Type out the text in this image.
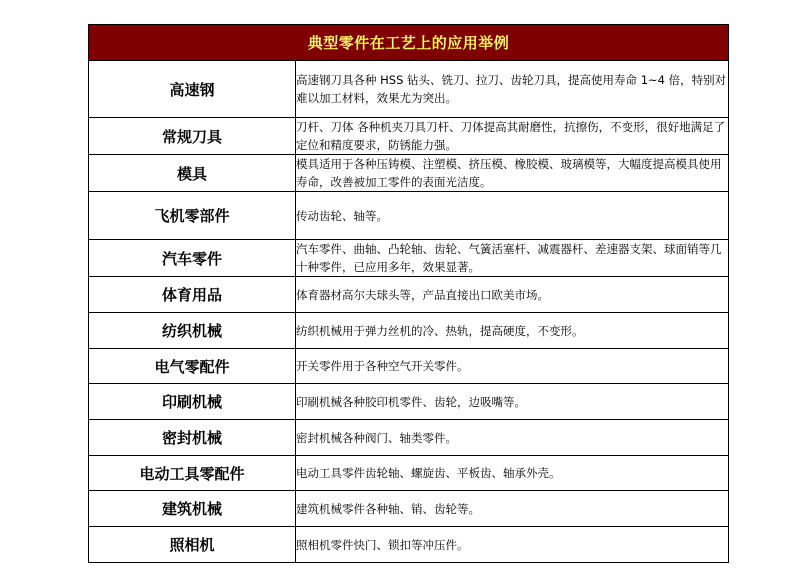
典型零件在工艺上的应用举例	
高速钢	高速钢刀具各种 HSS 钻头、铣刀、拉刀、齿轮刀具，提高使用寿命 1~4 倍，特别对难以加工材料，效果尤为突出。
常规刀具	刀杆、刀体 各种机夹刀具刀杆、刀体提高其耐磨性，抗擦伤，不变形，很好地满足了定位和精度要求，防锈能力强。
模具	模具适用于各种压铸模、注塑模、挤压模、橡胶模、玻璃模等，大幅度提高模具使用寿命，改善被加工零件的表面光洁度。
飞机零部件	传动齿轮、轴等。
汽车零件	汽车零件、曲轴、凸轮轴、齿轮、气簧活塞杆、减震器杆、差速器支架、球面销等几十种零件，已应用多年，效果显著。
体育用品	体育器材高尔夫球头等，产品直接出口欧美市场。
纺织机械	纺织机械用于弹力丝机的冷、热轨，提高硬度，不变形。
电气零配件	开关零件用于各种空气开关零件。
印刷机械	印刷机械各种胶印机零件、齿轮，边吸嘴等。
密封机械	密封机械各种阀门、轴类零件。
电动工具零配件	电动工具零件齿轮轴、螺旋齿、平板齿、轴承外壳。
建筑机械	建筑机械零件各种轴、销、齿轮等。
照相机	照相机零件快门、锁扣等冲压件。
